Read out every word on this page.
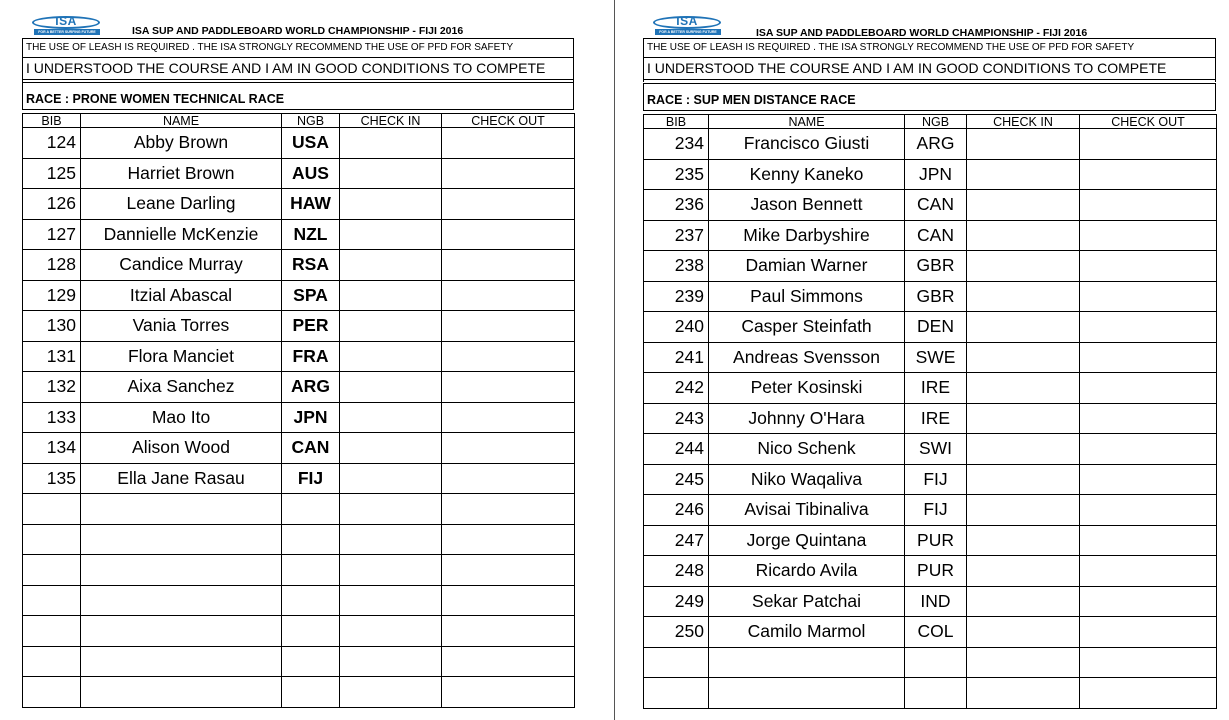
ISA
FOR A BETTER SURFING FUTURE	ISA SUP AND PADDLEBOARD WORLD CHAMPIONSHIP - FIJI 2016
THE USE OF LEASH IS REQUIRED . THE ISA STRONGLY RECOMMEND THE USE OF PFD FOR SAFETY
I UNDERSTOOD THE COURSE AND I AM IN GOOD CONDITIONS TO COMPETE
RACE : PRONE WOMEN TECHNICAL RACE
BIB	NAME	NGB	CHECK IN	CHECK OUT
124	Abby Brown	USA		
125	Harriet Brown	AUS		
126	Leane Darling	HAW		
127	Dannielle McKenzie	NZL		
128	Candice Murray	RSA		
129	Itzial Abascal	SPA		
130	Vania Torres	PER		
131	Flora Manciet	FRA		
132	Aixa Sanchez	ARG		
133	Mao Ito	JPN		
134	Alison Wood	CAN		
135	Ella Jane Rasau	FIJ		

ISA
FOR A BETTER SURFING FUTURE	ISA SUP AND PADDLEBOARD WORLD CHAMPIONSHIP - FIJI 2016
THE USE OF LEASH IS REQUIRED . THE ISA STRONGLY RECOMMEND THE USE OF PFD FOR SAFETY
I UNDERSTOOD THE COURSE AND I AM IN GOOD CONDITIONS TO COMPETE
RACE : SUP MEN DISTANCE RACE
BIB	NAME	NGB	CHECK IN	CHECK OUT
234	Francisco Giusti	ARG		
235	Kenny Kaneko	JPN		
236	Jason Bennett	CAN		
237	Mike Darbyshire	CAN		
238	Damian Warner	GBR		
239	Paul Simmons	GBR		
240	Casper Steinfath	DEN		
241	Andreas Svensson	SWE		
242	Peter Kosinski	IRE		
243	Johnny O'Hara	IRE		
244	Nico Schenk	SWI		
245	Niko Waqaliva	FIJ		
246	Avisai Tibinaliva	FIJ		
247	Jorge Quintana	PUR		
248	Ricardo Avila	PUR		
249	Sekar Patchai	IND		
250	Camilo Marmol	COL		
